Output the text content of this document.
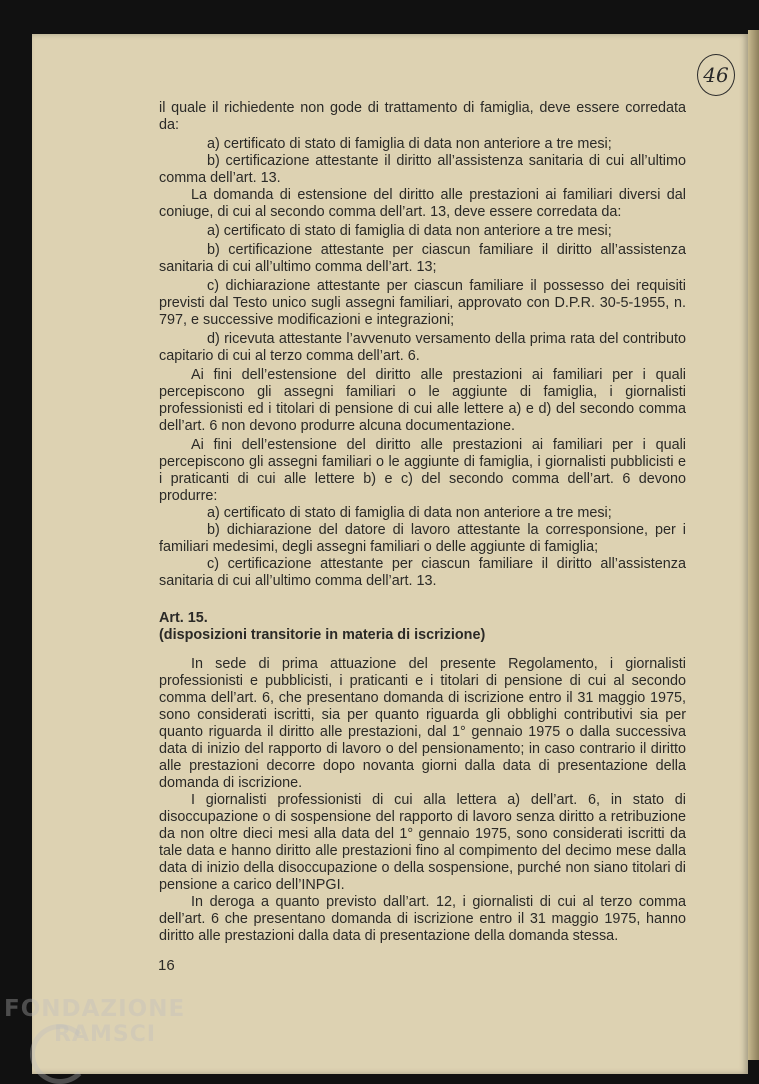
46

il quale il richiedente non gode di trattamento di famiglia, deve essere corredata da:

a) certificato di stato di famiglia di data non anteriore a tre mesi;

b) certificazione attestante il diritto all’assistenza sanitaria di cui all’ultimo comma dell’art. 13.

La domanda di estensione del diritto alle prestazioni ai familiari diversi dal coniuge, di cui al secondo comma dell’art. 13, deve essere corredata da:

a) certificato di stato di famiglia di data non anteriore a tre mesi;

b) certificazione attestante per ciascun familiare il diritto all’assistenza sanitaria di cui all’ultimo comma dell’art. 13;

c) dichiarazione attestante per ciascun familiare il possesso dei requisiti previsti dal Testo unico sugli assegni familiari, approvato con D.P.R. 30-5-1955, n. 797, e successive modificazioni e integrazioni;

d) ricevuta attestante l’avvenuto versamento della prima rata del contributo capitario di cui al terzo comma dell’art. 6.

Ai fini dell’estensione del diritto alle prestazioni ai familiari per i quali percepiscono gli assegni familiari o le aggiunte di famiglia, i giornalisti professionisti ed i titolari di pensione di cui alle lettere a) e d) del secondo comma dell’art. 6 non devono produrre alcuna documentazione.

Ai fini dell’estensione del diritto alle prestazioni ai familiari per i quali percepiscono gli assegni familiari o le aggiunte di famiglia, i giornalisti pubblicisti e i praticanti di cui alle lettere b) e c) del secondo comma dell’art. 6 devono produrre:

a) certificato di stato di famiglia di data non anteriore a tre mesi;

b) dichiarazione del datore di lavoro attestante la corresponsione, per i familiari medesimi, degli assegni familiari o delle aggiunte di famiglia;

c) certificazione attestante per ciascun familiare il diritto all’assistenza sanitaria di cui all’ultimo comma dell’art. 13.

Art. 15.

(disposizioni transitorie in materia di iscrizione)

In sede di prima attuazione del presente Regolamento, i giornalisti professionisti e pubblicisti, i praticanti e i titolari di pensione di cui al secondo comma dell’art. 6, che presentano domanda di iscrizione entro il 31 maggio 1975, sono considerati iscritti, sia per quanto riguarda gli obblighi contributivi sia per quanto riguarda il diritto alle prestazioni, dal 1° gennaio 1975 o dalla successiva data di inizio del rapporto di lavoro o del pensionamento; in caso contrario il diritto alle prestazioni decorre dopo novanta giorni dalla data di presentazione della domanda di iscrizione.

I giornalisti professionisti di cui alla lettera a) dell’art. 6, in stato di disoccupazione o di sospensione del rapporto di lavoro senza diritto a retribuzione da non oltre dieci mesi alla data del 1° gennaio 1975, sono considerati iscritti da tale data e hanno diritto alle prestazioni fino al compimento del decimo mese dalla data di inizio della disoccupazione o della sospensione, purché non siano titolari di pensione a carico dell’INPGI.

In deroga a quanto previsto dall’art. 12, i giornalisti di cui al terzo comma dell’art. 6 che presentano domanda di iscrizione entro il 31 maggio 1975, hanno diritto alle prestazioni dalla data di presentazione della domanda stessa.

16
FONDAZIONE
RAMSCI
